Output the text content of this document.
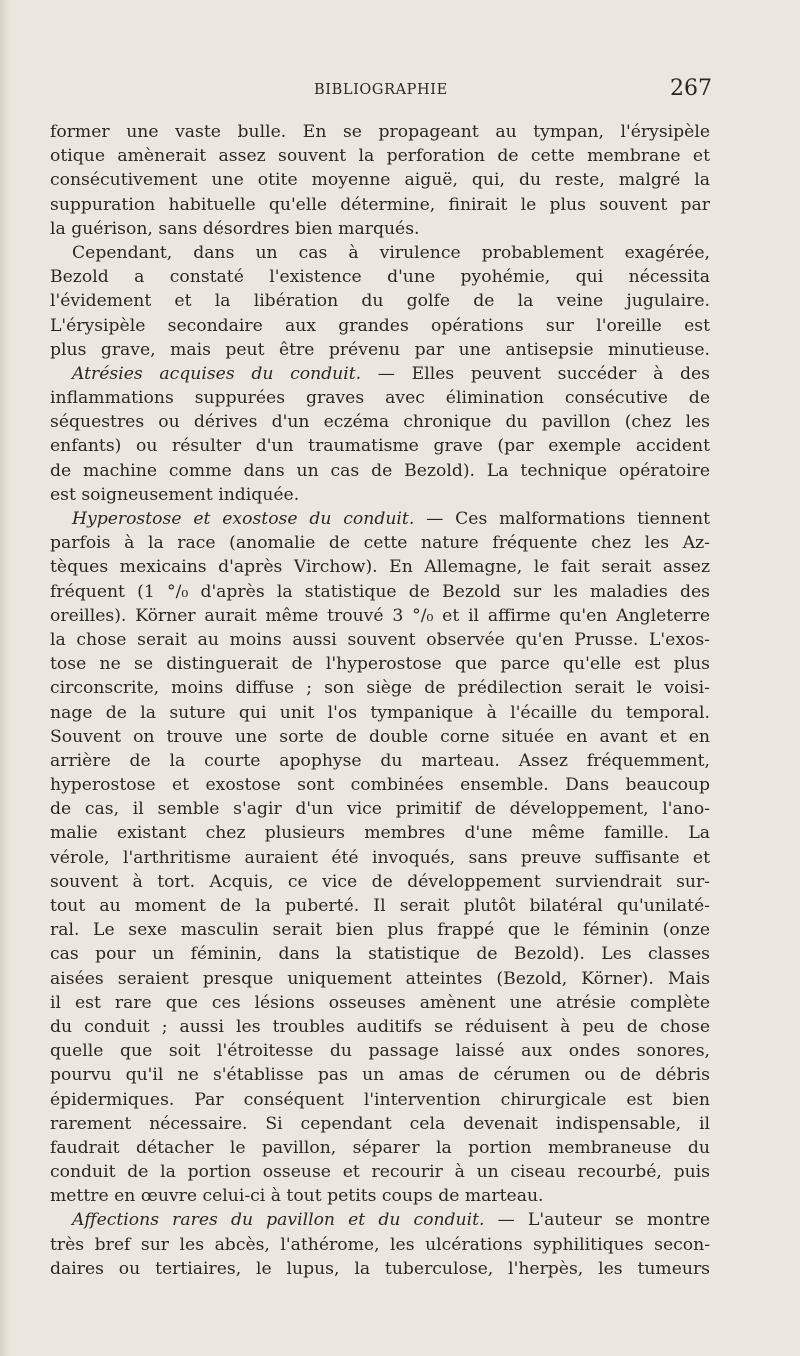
BIBLIOGRAPHIE	267
former une vaste bulle. En se propageant au tympan, l'érysipèle
otique amènerait assez souvent la perforation de cette membrane et
consécutivement une otite moyenne aiguë, qui, du reste, malgré la
suppuration habituelle qu'elle détermine, finirait le plus souvent par
la guérison, sans désordres bien marqués.
Cependant, dans un cas à virulence probablement exagérée,
Bezold a constaté l'existence d'une pyohémie, qui nécessita
l'évidement et la libération du golfe de la veine jugulaire.
L'érysipèle secondaire aux grandes opérations sur l'oreille est
plus grave, mais peut être prévenu par une antisepsie minutieuse.
Atrésies acquises du conduit. — Elles peuvent succéder à des
inflammations suppurées graves avec élimination consécutive de
séquestres ou dérives d'un eczéma chronique du pavillon (chez les
enfants) ou résulter d'un traumatisme grave (par exemple accident
de machine comme dans un cas de Bezold). La technique opératoire
est soigneusement indiquée.
Hyperostose et exostose du conduit. — Ces malformations tiennent
parfois à la race (anomalie de cette nature fréquente chez les Az-
tèques mexicains d'après Virchow). En Allemagne, le fait serait assez
fréquent (1 °/₀ d'après la statistique de Bezold sur les maladies des
oreilles). Körner aurait même trouvé 3 °/₀ et il affirme qu'en Angleterre
la chose serait au moins aussi souvent observée qu'en Prusse. L'exos-
tose ne se distinguerait de l'hyperostose que parce qu'elle est plus
circonscrite, moins diffuse ; son siège de prédilection serait le voisi-
nage de la suture qui unit l'os tympanique à l'écaille du temporal.
Souvent on trouve une sorte de double corne située en avant et en
arrière de la courte apophyse du marteau. Assez fréquemment,
hyperostose et exostose sont combinées ensemble. Dans beaucoup
de cas, il semble s'agir d'un vice primitif de développement, l'ano-
malie existant chez plusieurs membres d'une même famille. La
vérole, l'arthritisme auraient été invoqués, sans preuve suffisante et
souvent à tort. Acquis, ce vice de développement surviendrait sur-
tout au moment de la puberté. Il serait plutôt bilatéral qu'unilaté-
ral. Le sexe masculin serait bien plus frappé que le féminin (onze
cas pour un féminin, dans la statistique de Bezold). Les classes
aisées seraient presque uniquement atteintes (Bezold, Körner). Mais
il est rare que ces lésions osseuses amènent une atrésie complète
du conduit ; aussi les troubles auditifs se réduisent à peu de chose
quelle que soit l'étroitesse du passage laissé aux ondes sonores,
pourvu qu'il ne s'établisse pas un amas de cérumen ou de débris
épidermiques. Par conséquent l'intervention chirurgicale est bien
rarement nécessaire. Si cependant cela devenait indispensable, il
faudrait détacher le pavillon, séparer la portion membraneuse du
conduit de la portion osseuse et recourir à un ciseau recourbé, puis
mettre en œuvre celui-ci à tout petits coups de marteau.
Affections rares du pavillon et du conduit. — L'auteur se montre
très bref sur les abcès, l'athérome, les ulcérations syphilitiques secon-
daires ou tertiaires, le lupus, la tuberculose, l'herpès, les tumeurs
